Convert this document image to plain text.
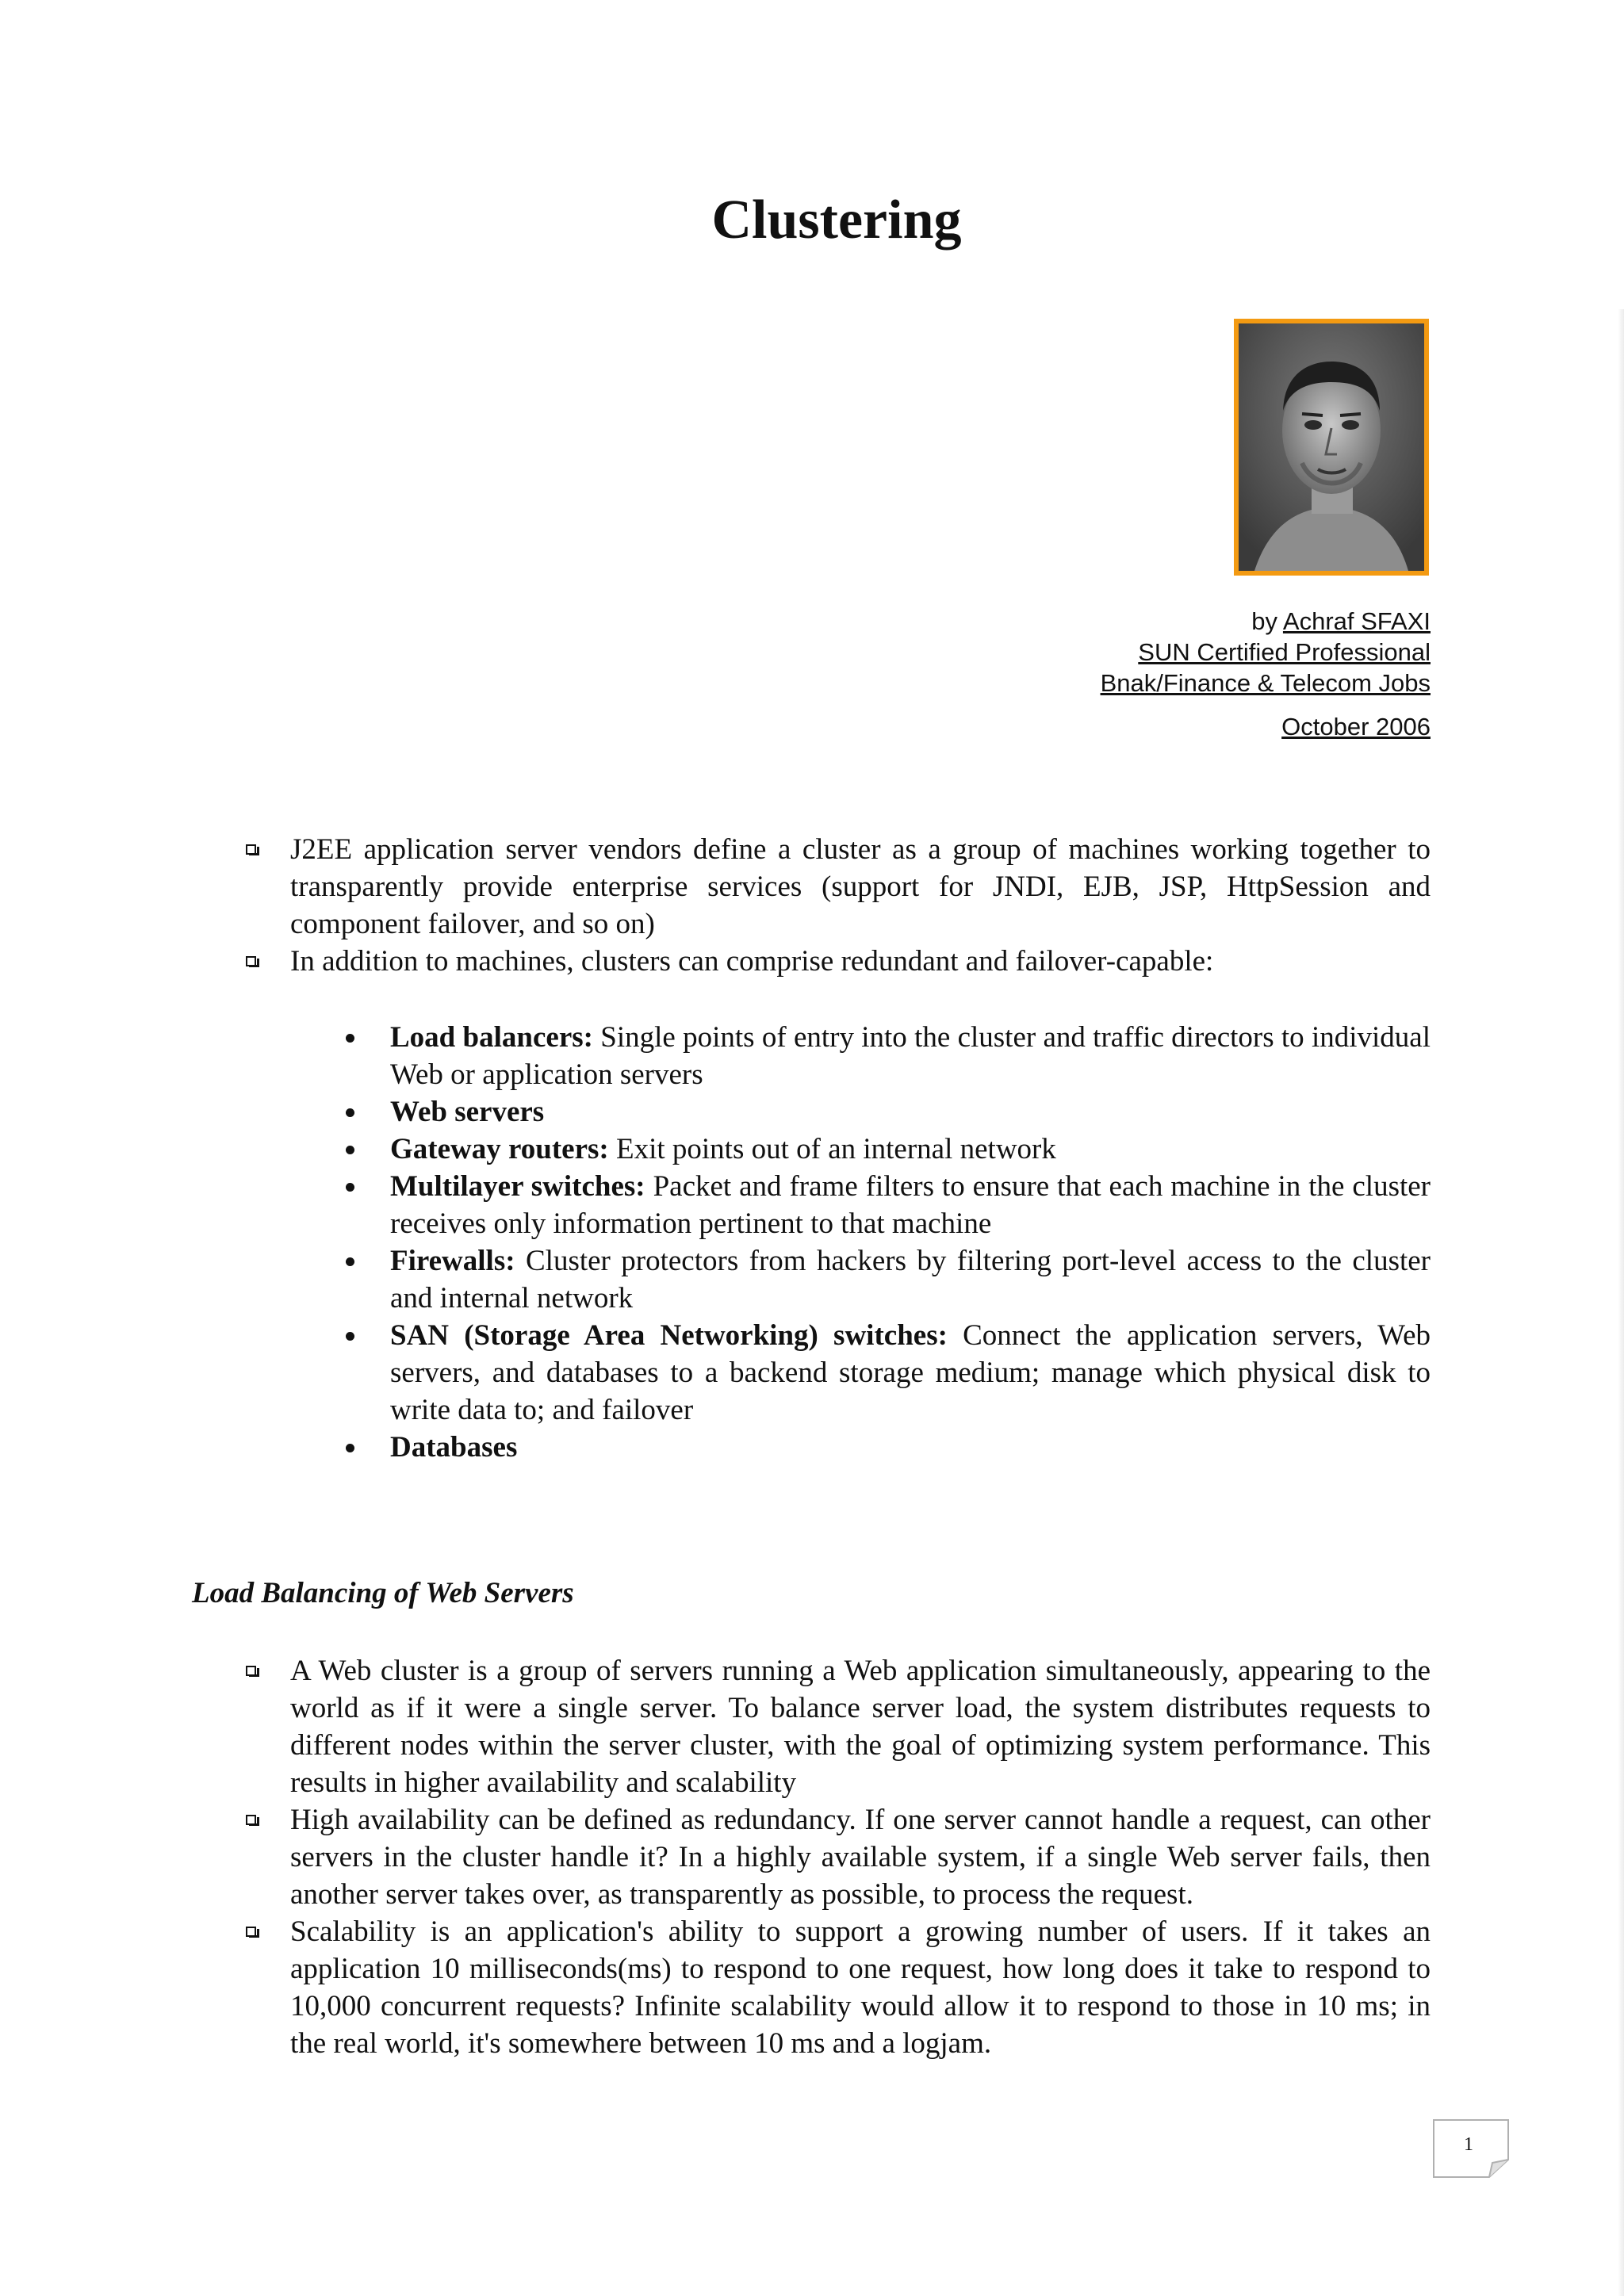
Clustering
by Achraf SFAXI
SUN Certified Professional
Bnak/Finance & Telecom Jobs
October 2006
J2EE application server vendors define a cluster as a group of machines working together to transparently provide enterprise services (support for JNDI, EJB, JSP, HttpSession and component failover, and so on)
In addition to machines, clusters can comprise redundant and failover-capable:
Load balancers: Single points of entry into the cluster and traffic directors to individual Web or application servers
Web servers
Gateway routers: Exit points out of an internal network
Multilayer switches: Packet and frame filters to ensure that each machine in the cluster receives only information pertinent to that machine
Firewalls: Cluster protectors from hackers by filtering port-level access to the cluster and internal network
SAN (Storage Area Networking) switches: Connect the application servers, Web servers, and databases to a backend storage medium; manage which physical disk to write data to; and failover
Databases
Load Balancing of Web Servers
A Web cluster is a group of servers running a Web application simultaneously, appearing to the world as if it were a single server. To balance server load, the system distributes requests to different nodes within the server cluster, with the goal of optimizing system performance. This results in higher availability and scalability
High availability can be defined as redundancy. If one server cannot handle a request, can other servers in the cluster handle it? In a highly available system, if a single Web server fails, then another server takes over, as transparently as possible, to process the request.
Scalability is an application's ability to support a growing number of users. If it takes an application 10 milliseconds(ms) to respond to one request, how long does it take to respond to 10,000 concurrent requests? Infinite scalability would allow it to respond to those in 10 ms; in the real world, it's somewhere between 10 ms and a logjam.
1
